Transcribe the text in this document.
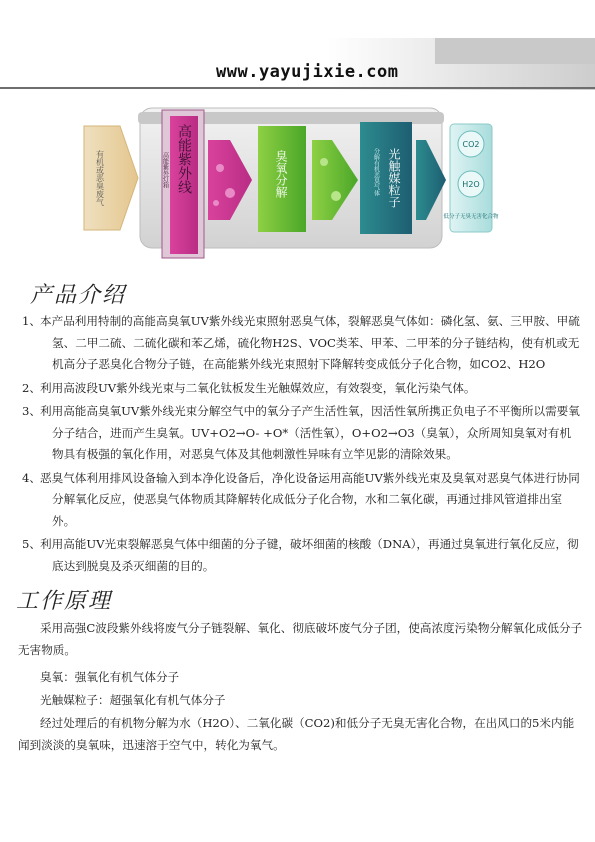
www.yayujixie.com
有机或恶臭废气	高能紫外线
高能紫外灯箱	臭氧分解	光触媒粒子
分解有机恶臭气体
CO2
H2O
低分子无臭无害化合物
产品介绍
1、 本产品利用特制的高能高臭氧UV紫外线光束照射恶臭气体，裂解恶臭气体如：磷化氢、氨、三甲胺、甲硫氢、二甲二硫、二硫化碳和苯乙烯，硫化物H2S、VOC类苯、甲苯、二甲苯的分子链结构，使有机或无机高分子恶臭化合物分子链，在高能紫外线光束照射下降解转变成低分子化合物，如CO2、H2O
2、 利用高波段UV紫外线光束与二氧化钛板发生光触媒效应，有效裂变，氧化污染气体。
3、 利用高能高臭氧UV紫外线光束分解空气中的氧分子产生活性氧，因活性氧所携正负电子不平衡所以需要氧分子结合，进而产生臭氧。UV+O2→O- +O*（活性氧），O+O2→O3（臭氧），众所周知臭氧对有机物具有极强的氧化作用，对恶臭气体及其他刺激性异味有立竿见影的清除效果。
4、 恶臭气体利用排风设备输入到本净化设备后，净化设备运用高能UV紫外线光束及臭氧对恶臭气体进行协同分解氧化反应，使恶臭气体物质其降解转化成低分子化合物，水和二氧化碳，再通过排风管道排出室外。
5、 利用高能UV光束裂解恶臭气体中细菌的分子键，破坏细菌的核酸（DNA），再通过臭氧进行氧化反应，彻底达到脱臭及杀灭细菌的目的。
工作原理
采用高强C波段紫外线将废气分子链裂解、氧化、彻底破坏废气分子团，使高浓度污染物分解氧化成低分子无害物质。
臭氧：强氧化有机气体分子
光触媒粒子：超强氧化有机气体分子
经过处理后的有机物分解为水（H2O）、二氧化碳（CO2)和低分子无臭无害化合物，在出风口的5米内能闻到淡淡的臭氧味，迅速溶于空气中，转化为氧气。
